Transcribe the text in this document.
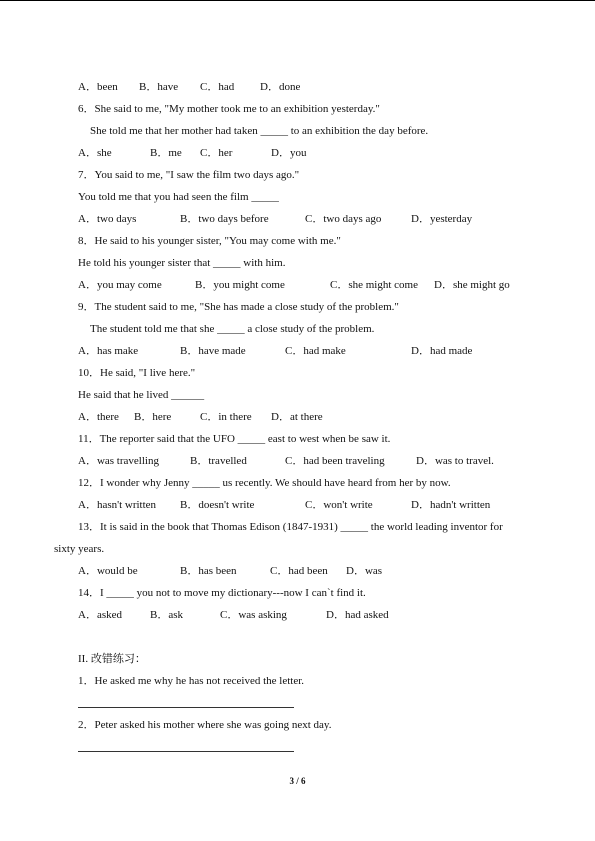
A．been

B．have

C．had

D．done

6．She said to me, "My mother took me to an exhibition yesterday."
She told me that her mother had taken _____ to an exhibition the day before.

A．she

	B．me

C．her

	D．you

7．You said to me, "I saw the film two days ago."
You told me that you had seen the film _____

A．two days

	B．two days before

	C．two days ago

	D．yesterday

8．He said to his younger sister, "You may come with me."
He told his younger sister that _____ with him.

A．you may come

	B．you might come

	C．she might come

D．she might go

9．The student said to me, "She has made a close study of the problem."
The student told me that she _____ a close study of the problem.

A．has make

	B．have made

	C．had make

	D．had made

10．He said, "I live here."
He said that he lived ______

A．there

B．here

	C．in there

D．at there

11．The reporter said that the UFO _____ east to west when be saw it.

A．was travelling

	B．travelled

	C．had been traveling

	D．was to travel.

12．I wonder why Jenny _____ us recently. We should have heard from her by now.

A．hasn't written

B．doesn't write

	C．won't write

	D．hadn't written

13．It is said in the book that Thomas Edison (1847-1931) _____ the world leading inventor for
sixty years.

A．would be

	B．has been

	C．had been

D．was

14．I _____ you not to move my dictionary---now I can`t find it.

A．asked

	B．ask

	C．was asking

	D．had asked

II. 改错练习：
1．He asked me why he has not received the letter.
2．Peter asked his mother where she was going next day.
3 / 6
